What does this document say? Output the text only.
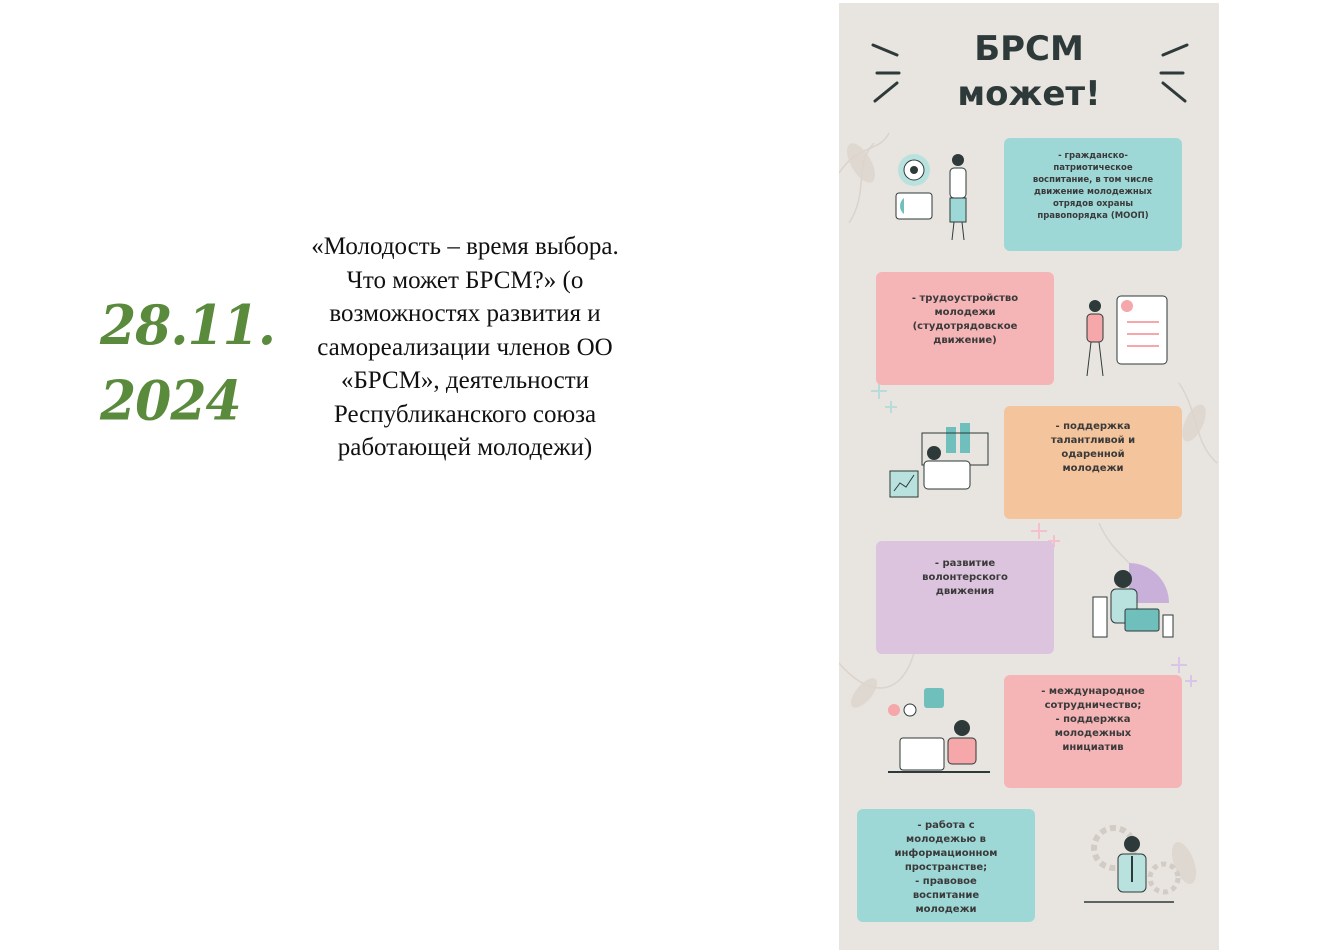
28.11.
2024
«Молодость – время выбора. Что может БРСМ?» (о возможностях развития и самореализации членов ОО «БРСМ», деятельности Республиканского союза работающей молодежи)
БРСМ
может!
- гражданско-
патриотическое
воспитание, в том числе
движение молодежных
отрядов охраны
правопорядка (МООП)
- трудоустройство
молодежи
(студотрядовское
движение)
- поддержка
талантливой и
одаренной
молодежи
- развитие
волонтерского
движения
- международное
сотрудничество;
- поддержка
молодежных
инициатив
- работа с
молодежью в
информационном
пространстве;
- правовое
воспитание
молодежи
